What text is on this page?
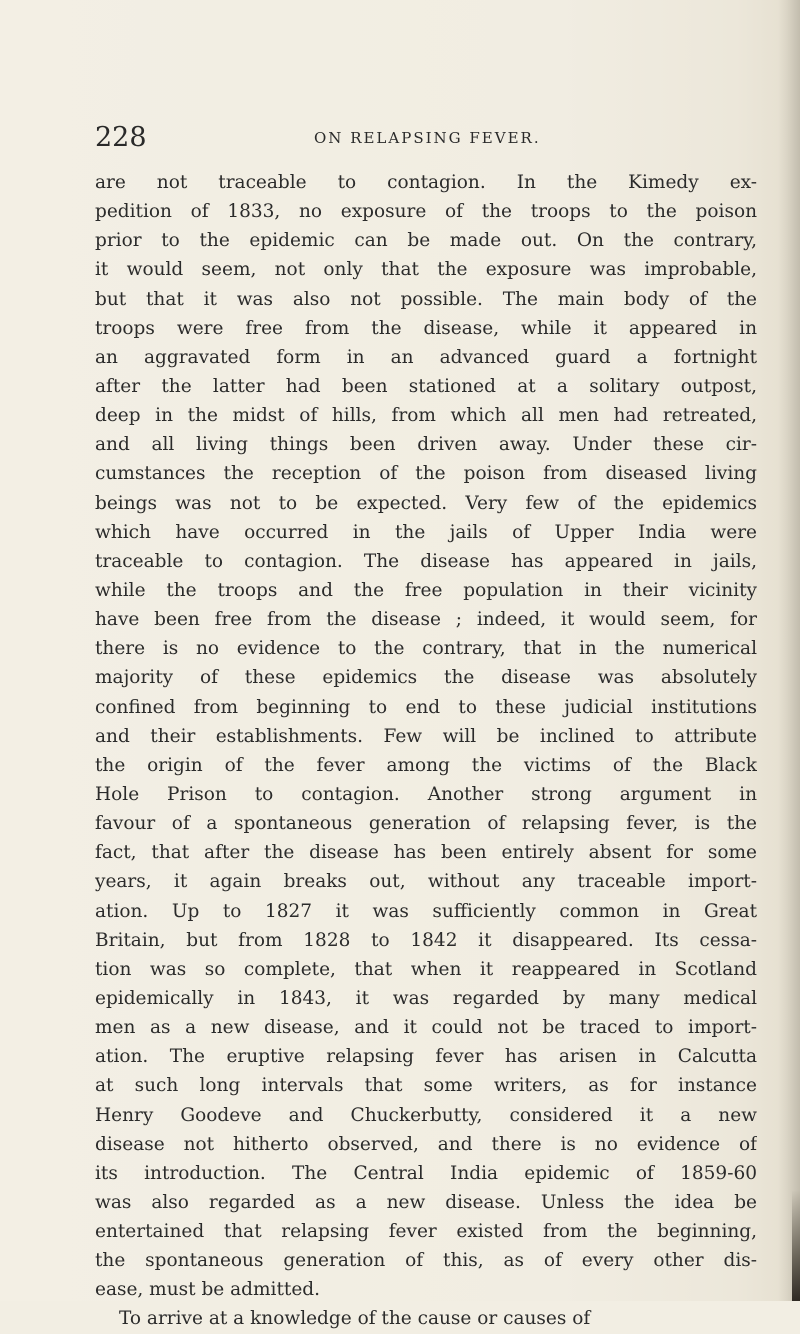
228	ON RELAPSING FEVER.
are not traceable to contagion. In the Kimedy ex-
pedition of 1833, no exposure of the troops to the poison
prior to the epidemic can be made out. On the contrary,
it would seem, not only that the exposure was improbable,
but that it was also not possible. The main body of the
troops were free from the disease, while it appeared in
an aggravated form in an advanced guard a fortnight
after the latter had been stationed at a solitary outpost,
deep in the midst of hills, from which all men had retreated,
and all living things been driven away. Under these cir-
cumstances the reception of the poison from diseased living
beings was not to be expected. Very few of the epidemics
which have occurred in the jails of Upper India were
traceable to contagion. The disease has appeared in jails,
while the troops and the free population in their vicinity
have been free from the disease ; indeed, it would seem, for
there is no evidence to the contrary, that in the numerical
majority of these epidemics the disease was absolutely
confined from beginning to end to these judicial institutions
and their establishments. Few will be inclined to attribute
the origin of the fever among the victims of the Black
Hole Prison to contagion. Another strong argument in
favour of a spontaneous generation of relapsing fever, is the
fact, that after the disease has been entirely absent for some
years, it again breaks out, without any traceable import-
ation. Up to 1827 it was sufficiently common in Great
Britain, but from 1828 to 1842 it disappeared. Its cessa-
tion was so complete, that when it reappeared in Scotland
epidemically in 1843, it was regarded by many medical
men as a new disease, and it could not be traced to import-
ation. The eruptive relapsing fever has arisen in Calcutta
at such long intervals that some writers, as for instance
Henry Goodeve and Chuckerbutty, considered it a new
disease not hitherto observed, and there is no evidence of
its introduction. The Central India epidemic of 1859-60
was also regarded as a new disease. Unless the idea be
entertained that relapsing fever existed from the beginning,
the spontaneous generation of this, as of every other dis-
ease, must be admitted.
To arrive at a knowledge of the cause or causes of
